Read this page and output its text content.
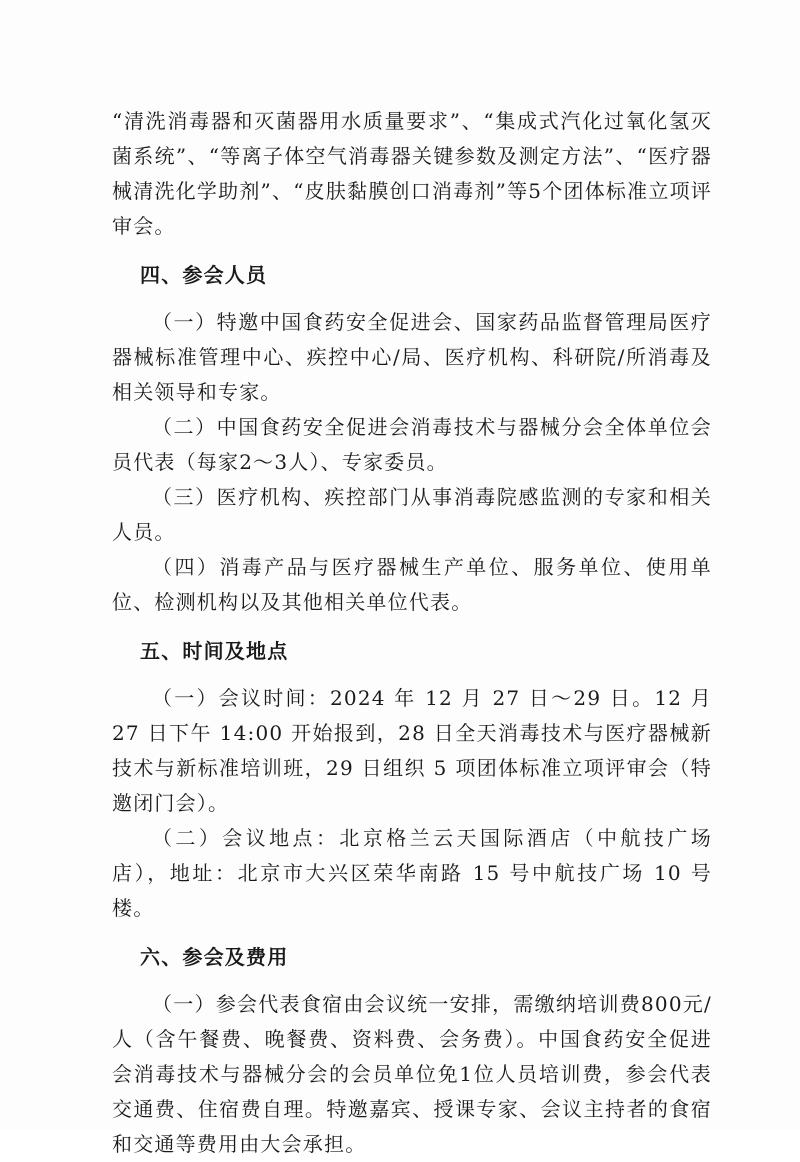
“清洗消毒器和灭菌器用水质量要求”、“集成式汽化过氧化氢灭菌系统”、“等离子体空气消毒器关键参数及测定方法”、“医疗器械清洗化学助剂”、“皮肤黏膜创口消毒剂”等5个团体标准立项评审会。

四、参会人员

（一）特邀中国食药安全促进会、国家药品监督管理局医疗器械标准管理中心、疾控中心/局、医疗机构、科研院/所消毒及相关领导和专家。

（二）中国食药安全促进会消毒技术与器械分会全体单位会员代表（每家2～3人）、专家委员。

（三）医疗机构、疾控部门从事消毒院感监测的专家和相关人员。

（四）消毒产品与医疗器械生产单位、服务单位、使用单位、检测机构以及其他相关单位代表。

五、时间及地点

（一）会议时间：2024 年 12 月 27 日～29 日。12 月 27 日下午 14:00 开始报到，28 日全天消毒技术与医疗器械新技术与新标准培训班，29 日组织 5 项团体标准立项评审会（特邀闭门会）。

（二）会议地点：北京格兰云天国际酒店（中航技广场店），地址：北京市大兴区荣华南路 15 号中航技广场 10 号楼。

六、参会及费用

（一）参会代表食宿由会议统一安排，需缴纳培训费800元/人（含午餐费、晚餐费、资料费、会务费）。中国食药安全促进会消毒技术与器械分会的会员单位免1位人员培训费，参会代表交通费、住宿费自理。特邀嘉宾、授课专家、会议主持者的食宿和交通等费用由大会承担。
